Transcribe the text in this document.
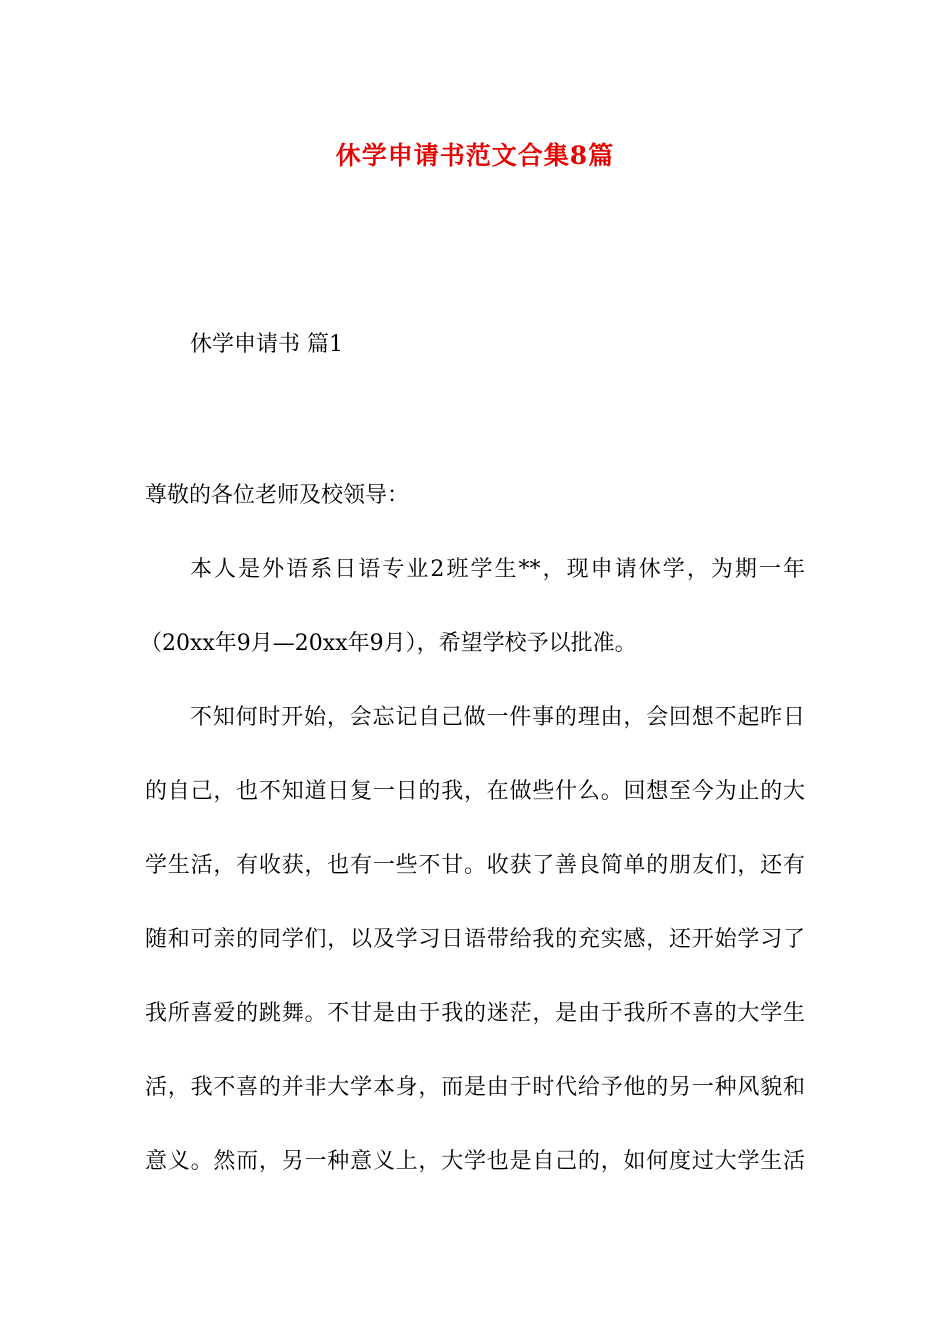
休学申请书范文合集8篇
休学申请书 篇1
尊敬的各位老师及校领导：
本人是外语系日语专业2班学生**，现申请休学，为期一年
（20xx年9月—20xx年9月），希望学校予以批准。
不知何时开始，会忘记自己做一件事的理由，会回想不起昨日
的自己，也不知道日复一日的我，在做些什么。回想至今为止的大
学生活，有收获，也有一些不甘。收获了善良简单的朋友们，还有
随和可亲的同学们，以及学习日语带给我的充实感，还开始学习了
我所喜爱的跳舞。不甘是由于我的迷茫，是由于我所不喜的大学生
活，我不喜的并非大学本身，而是由于时代给予他的另一种风貌和
意义。然而，另一种意义上，大学也是自己的，如何度过大学生活
